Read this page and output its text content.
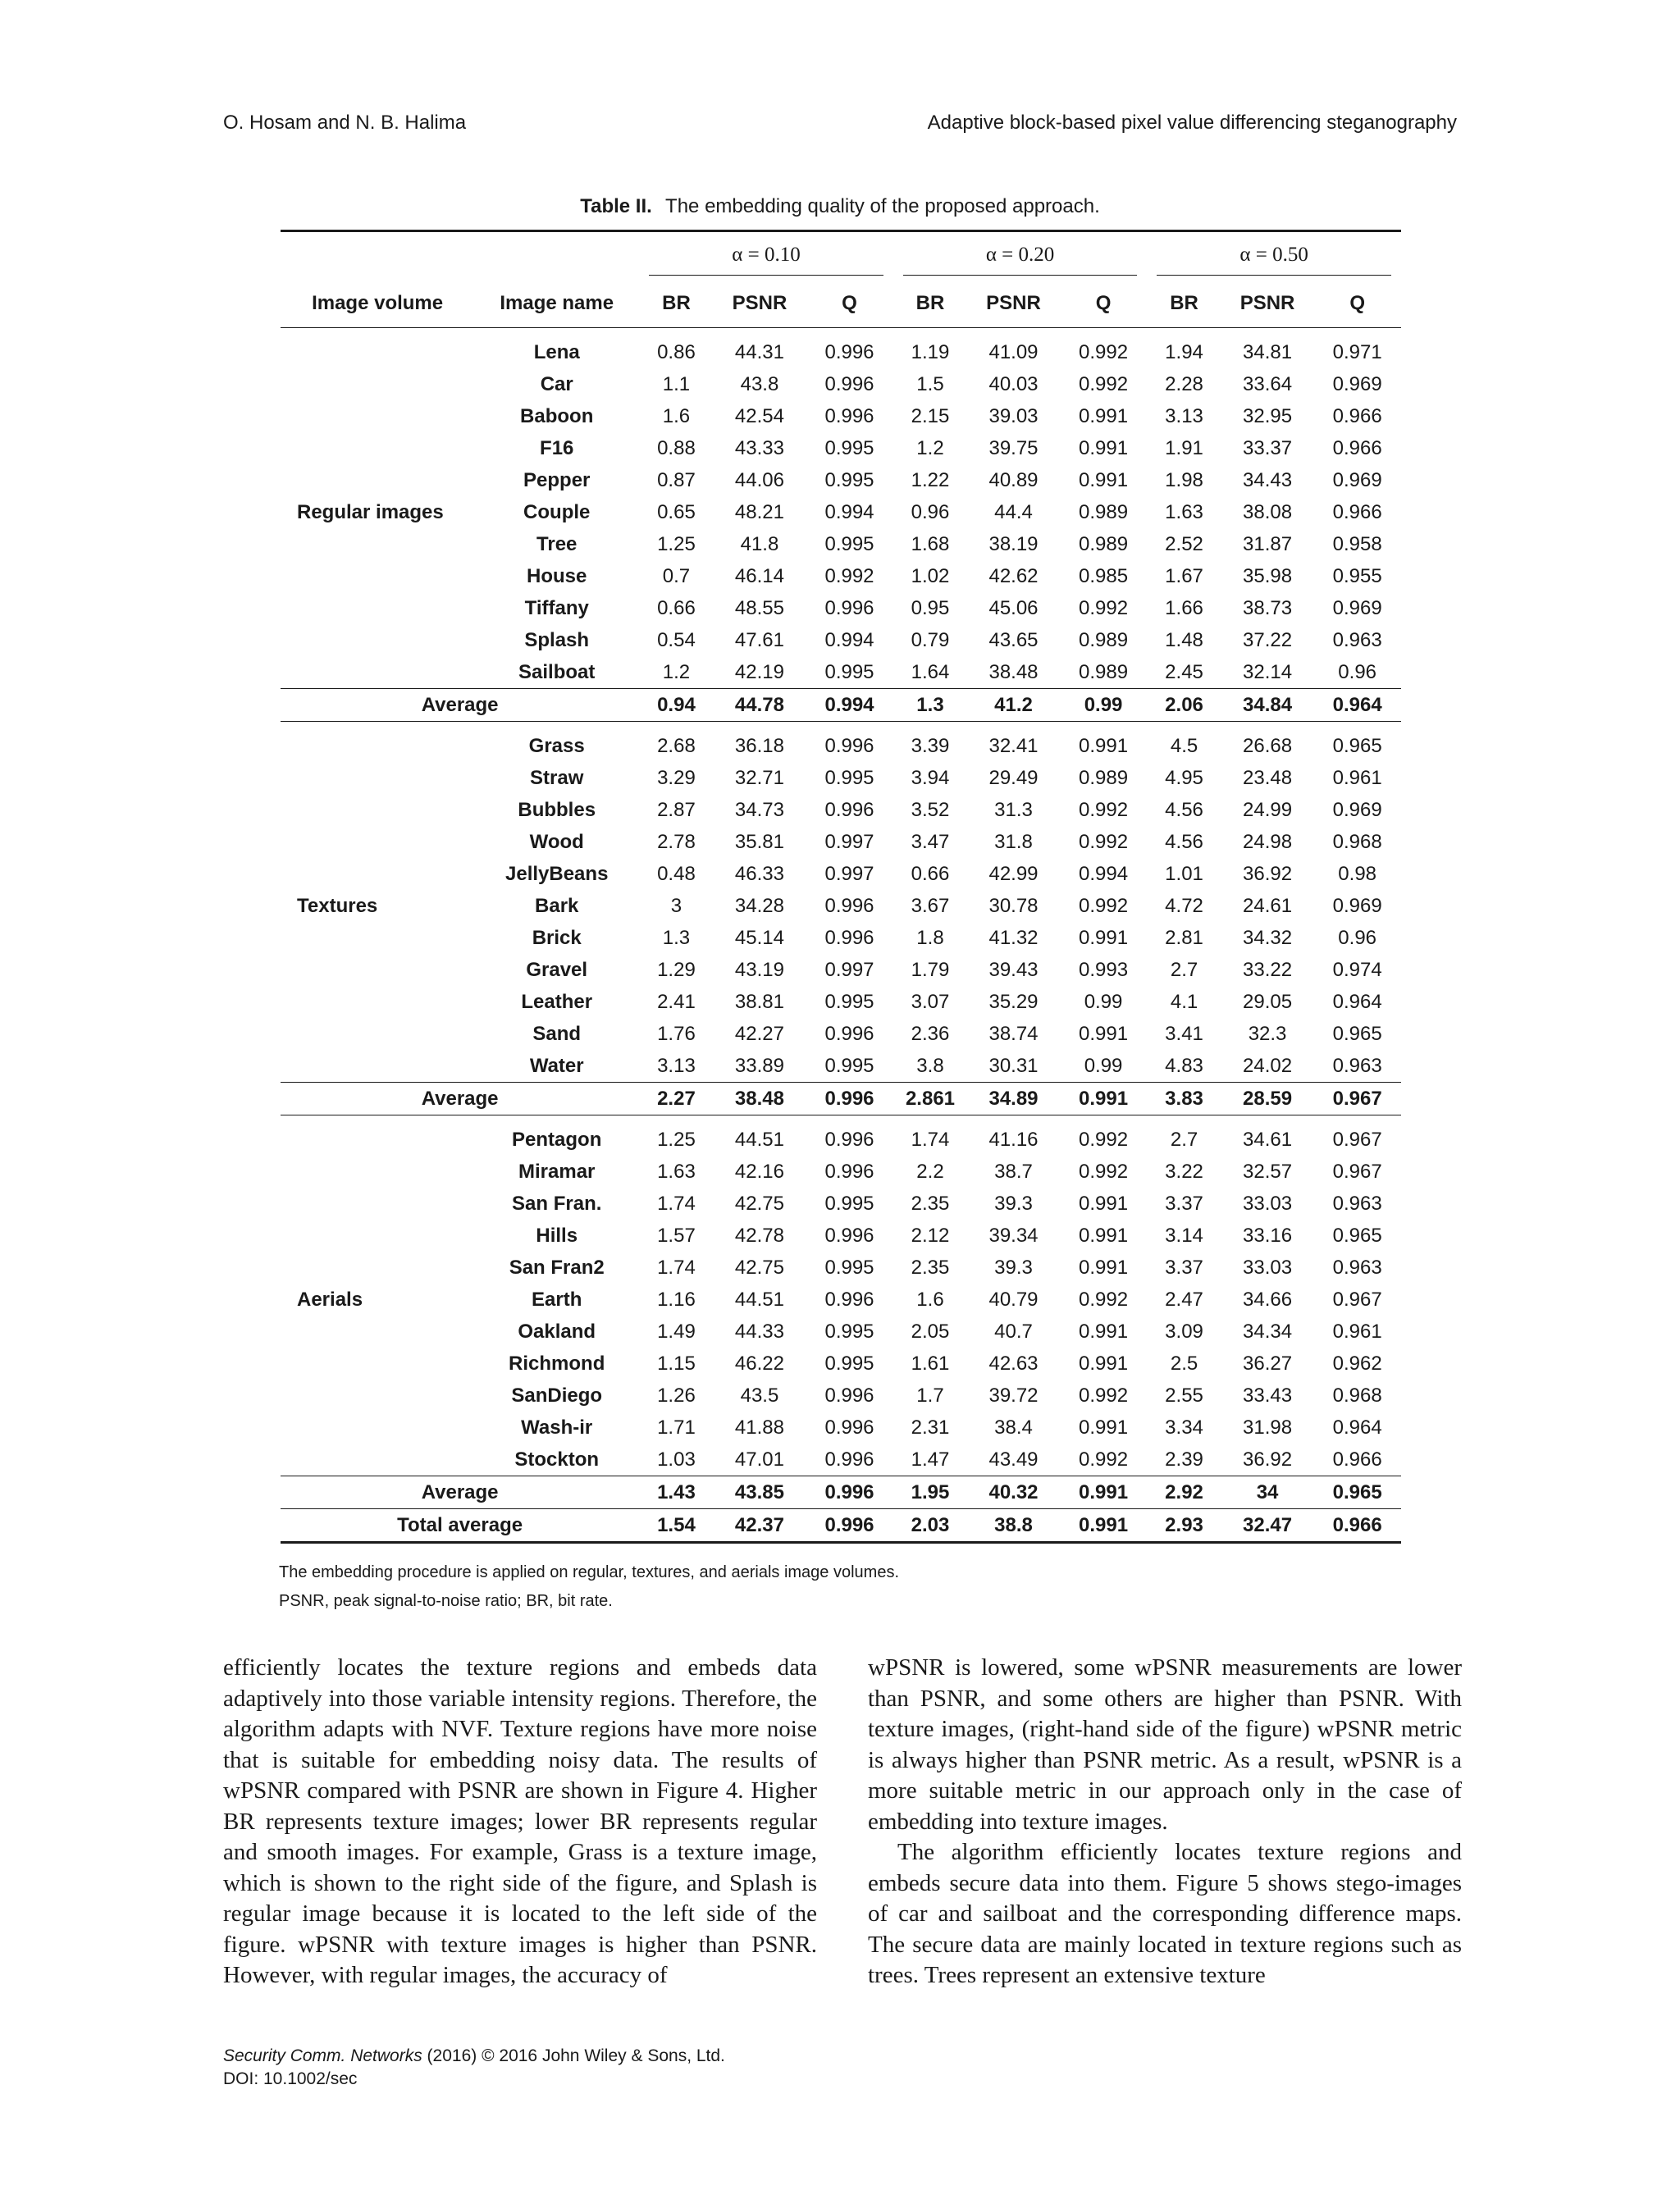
O. Hosam and N. B. Halima	Adaptive block-based pixel value differencing steganography
Table II. The embedding quality of the proposed approach.

		α = 0.10			α = 0.20			α = 0.50		

Image volume	Image name	BR	PSNR	Q	BR	PSNR	Q	BR	PSNR	Q
Regular images	Lena	0.86	44.31	0.996	1.19	41.09	0.992	1.94	34.81	0.971
	Car	1.1	43.8	0.996	1.5	40.03	0.992	2.28	33.64	0.969
	Baboon	1.6	42.54	0.996	2.15	39.03	0.991	3.13	32.95	0.966
	F16	0.88	43.33	0.995	1.2	39.75	0.991	1.91	33.37	0.966
	Pepper	0.87	44.06	0.995	1.22	40.89	0.991	1.98	34.43	0.969
	Couple	0.65	48.21	0.994	0.96	44.4	0.989	1.63	38.08	0.966
	Tree	1.25	41.8	0.995	1.68	38.19	0.989	2.52	31.87	0.958
	House	0.7	46.14	0.992	1.02	42.62	0.985	1.67	35.98	0.955
	Tiffany	0.66	48.55	0.996	0.95	45.06	0.992	1.66	38.73	0.969
	Splash	0.54	47.61	0.994	0.79	43.65	0.989	1.48	37.22	0.963
	Sailboat	1.2	42.19	0.995	1.64	38.48	0.989	2.45	32.14	0.96
Average		0.94	44.78	0.994	1.3	41.2	0.99	2.06	34.84	0.964
Textures	Grass	2.68	36.18	0.996	3.39	32.41	0.991	4.5	26.68	0.965
	Straw	3.29	32.71	0.995	3.94	29.49	0.989	4.95	23.48	0.961
	Bubbles	2.87	34.73	0.996	3.52	31.3	0.992	4.56	24.99	0.969
	Wood	2.78	35.81	0.997	3.47	31.8	0.992	4.56	24.98	0.968
	JellyBeans	0.48	46.33	0.997	0.66	42.99	0.994	1.01	36.92	0.98
	Bark	3	34.28	0.996	3.67	30.78	0.992	4.72	24.61	0.969
	Brick	1.3	45.14	0.996	1.8	41.32	0.991	2.81	34.32	0.96
	Gravel	1.29	43.19	0.997	1.79	39.43	0.993	2.7	33.22	0.974
	Leather	2.41	38.81	0.995	3.07	35.29	0.99	4.1	29.05	0.964
	Sand	1.76	42.27	0.996	2.36	38.74	0.991	3.41	32.3	0.965
	Water	3.13	33.89	0.995	3.8	30.31	0.99	4.83	24.02	0.963
Average		2.27	38.48	0.996	2.861	34.89	0.991	3.83	28.59	0.967
Aerials	Pentagon	1.25	44.51	0.996	1.74	41.16	0.992	2.7	34.61	0.967
	Miramar	1.63	42.16	0.996	2.2	38.7	0.992	3.22	32.57	0.967
	San Fran.	1.74	42.75	0.995	2.35	39.3	0.991	3.37	33.03	0.963
	Hills	1.57	42.78	0.996	2.12	39.34	0.991	3.14	33.16	0.965
	San Fran2	1.74	42.75	0.995	2.35	39.3	0.991	3.37	33.03	0.963
	Earth	1.16	44.51	0.996	1.6	40.79	0.992	2.47	34.66	0.967
	Oakland	1.49	44.33	0.995	2.05	40.7	0.991	3.09	34.34	0.961
	Richmond	1.15	46.22	0.995	1.61	42.63	0.991	2.5	36.27	0.962
	SanDiego	1.26	43.5	0.996	1.7	39.72	0.992	2.55	33.43	0.968
	Wash-ir	1.71	41.88	0.996	2.31	38.4	0.991	3.34	31.98	0.964
	Stockton	1.03	47.01	0.996	1.47	43.49	0.992	2.39	36.92	0.966
Average		1.43	43.85	0.996	1.95	40.32	0.991	2.92	34	0.965
Total average		1.54	42.37	0.996	2.03	38.8	0.991	2.93	32.47	0.966
The embedding procedure is applied on regular, textures, and aerials image volumes.
PSNR, peak signal-to-noise ratio; BR, bit rate.

efficiently locates the texture regions and embeds data adaptively into those variable intensity regions. Therefore, the algorithm adapts with NVF. Texture regions have more noise that is suitable for embedding noisy data. The results of wPSNR compared with PSNR are shown in Figure 4. Higher BR represents texture images; lower BR represents regular and smooth images. For example, Grass is a texture image, which is shown to the right side of the figure, and Splash is regular image because it is located to the left side of the figure. wPSNR with texture images is higher than PSNR. However, with regular images, the accuracy of

wPSNR is lowered, some wPSNR measurements are lower than PSNR, and some others are higher than PSNR. With texture images, (right-hand side of the figure) wPSNR metric is always higher than PSNR metric. As a result, wPSNR is a more suitable metric in our approach only in the case of embedding into texture images.

The algorithm efficiently locates texture regions and embeds secure data into them. Figure 5 shows stego-images of car and sailboat and the corresponding difference maps. The secure data are mainly located in texture regions such as trees. Trees represent an extensive texture

Security Comm. Networks (2016) © 2016 John Wiley & Sons, Ltd.
DOI: 10.1002/sec
